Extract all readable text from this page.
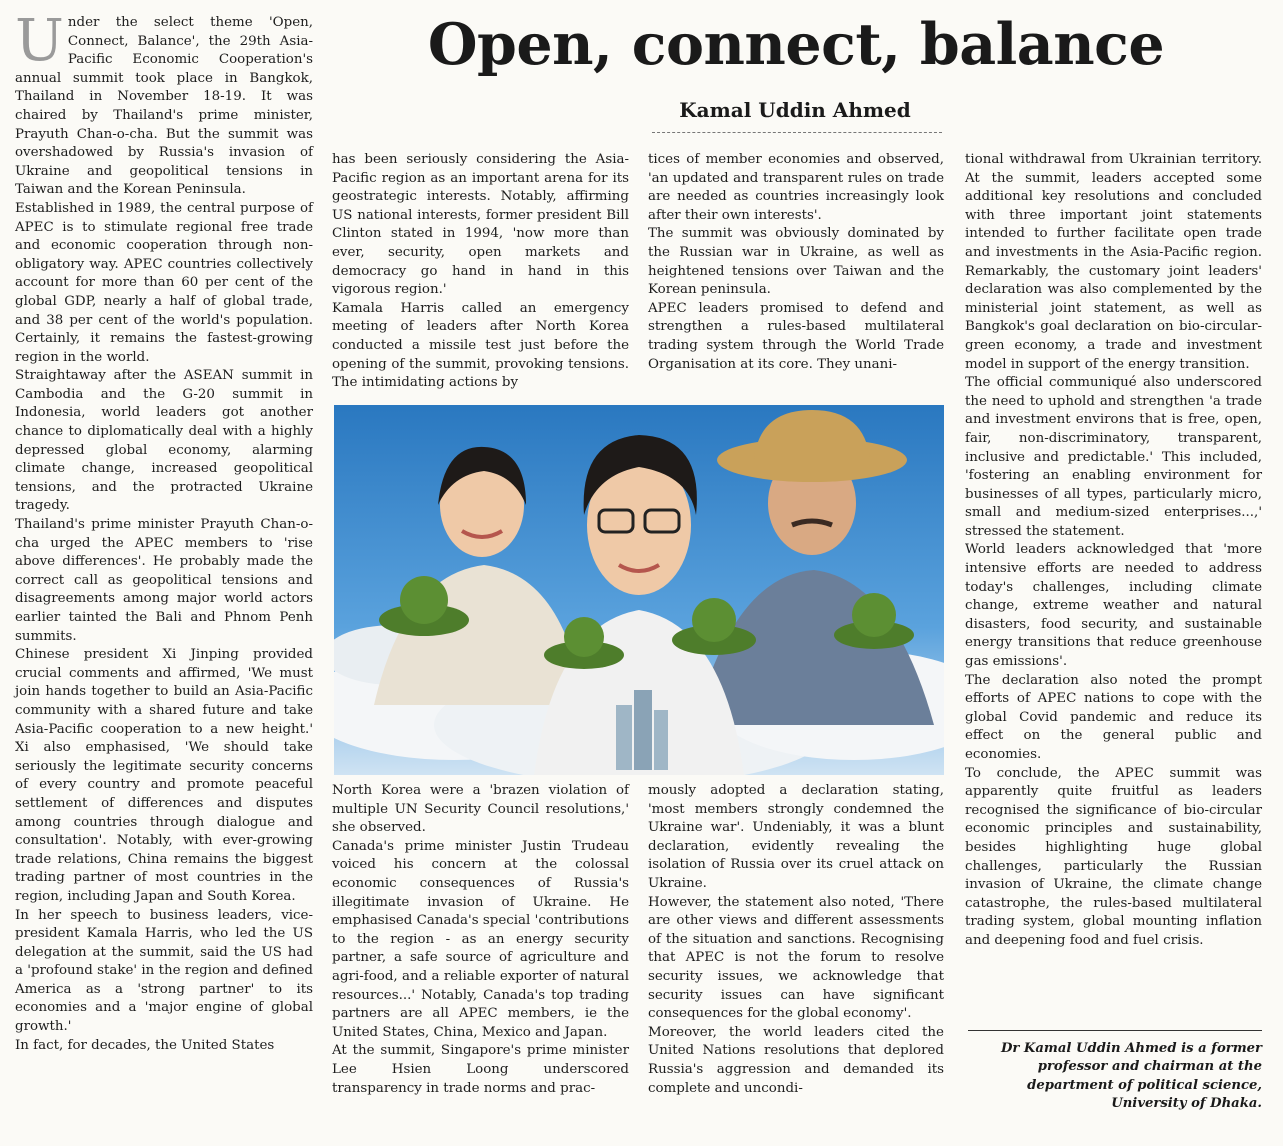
Open, connect, balance
Kamal Uddin Ahmed
U nder the select theme 'Open, Connect, Balance', the 29th Asia-Pacific Economic Cooperation's annual summit took place in Bangkok, Thailand in November 18-19. It was chaired by Thailand's prime minister, Prayuth Chan-o-cha. But the summit was overshadowed by Russia's invasion of Ukraine and geopolitical tensions in Taiwan and the Korean Peninsula.

Established in 1989, the central purpose of APEC is to stimulate regional free trade and economic cooperation through non-obligatory way. APEC countries collectively account for more than 60 per cent of the global GDP, nearly a half of global trade, and 38 per cent of the world's population. Certainly, it remains the fastest-growing region in the world.

Straightaway after the ASEAN summit in Cambodia and the G-20 summit in Indonesia, world leaders got another chance to diplomatically deal with a highly depressed global economy, alarming climate change, increased geopolitical tensions, and the protracted Ukraine tragedy.

Thailand's prime minister Prayuth Chan-o-cha urged the APEC members to 'rise above differences'. He probably made the correct call as geopolitical tensions and disagreements among major world actors earlier tainted the Bali and Phnom Penh summits.

Chinese president Xi Jinping provided crucial comments and affirmed, 'We must join hands together to build an Asia-Pacific community with a shared future and take Asia-Pacific cooperation to a new height.' Xi also emphasised, 'We should take seriously the legitimate security concerns of every country and promote peaceful settlement of differences and disputes among countries through dialogue and consultation'. Notably, with ever-growing trade relations, China remains the biggest trading partner of most countries in the region, including Japan and South Korea.

In her speech to business leaders, vice-president Kamala Harris, who led the US delegation at the summit, said the US had a 'profound stake' in the region and defined America as a 'strong partner' to its economies and a 'major engine of global growth.'

In fact, for decades, the United States

has been seriously considering the Asia-Pacific region as an important arena for its geostrategic interests. Notably, affirming US national interests, former president Bill Clinton stated in 1994, 'now more than ever, security, open markets and democracy go hand in hand in this vigorous region.'

Kamala Harris called an emergency meeting of leaders after North Korea conducted a missile test just before the opening of the summit, provoking tensions. The intimidating actions by

tices of member economies and observed, 'an updated and transparent rules on trade are needed as countries increasingly look after their own interests'.

The summit was obviously dominated by the Russian war in Ukraine, as well as heightened tensions over Taiwan and the Korean peninsula.

APEC leaders promised to defend and strengthen a rules-based multilateral trading system through the World Trade Organisation at its core. They unani-

North Korea were a 'brazen violation of multiple UN Security Council resolutions,' she observed.

Canada's prime minister Justin Trudeau voiced his concern at the colossal economic consequences of Russia's illegitimate invasion of Ukraine. He emphasised Canada's special 'contributions to the region - as an energy security partner, a safe source of agriculture and agri-food, and a reliable exporter of natural resources...' Notably, Canada's top trading partners are all APEC members, ie the United States, China, Mexico and Japan.

At the summit, Singapore's prime minister Lee Hsien Loong underscored transparency in trade norms and prac-

mously adopted a declaration stating, 'most members strongly condemned the Ukraine war'. Undeniably, it was a blunt declaration, evidently revealing the isolation of Russia over its cruel attack on Ukraine.

However, the statement also noted, 'There are other views and different assessments of the situation and sanctions. Recognising that APEC is not the forum to resolve security issues, we acknowledge that security issues can have significant consequences for the global economy'.

Moreover, the world leaders cited the United Nations resolutions that deplored Russia's aggression and demanded its complete and uncondi-

tional withdrawal from Ukrainian territory. At the summit, leaders accepted some additional key resolutions and concluded with three important joint statements intended to further facilitate open trade and investments in the Asia-Pacific region. Remarkably, the customary joint leaders' declaration was also complemented by the ministerial joint statement, as well as Bangkok's goal declaration on bio-circular-green economy, a trade and investment model in support of the energy transition.

The official communiqué also underscored the need to uphold and strengthen 'a trade and investment environs that is free, open, fair, non-discriminatory, transparent, inclusive and predictable.' This included, 'fostering an enabling environment for businesses of all types, particularly micro, small and medium-sized enterprises...,' stressed the statement.

World leaders acknowledged that 'more intensive efforts are needed to address today's challenges, including climate change, extreme weather and natural disasters, food security, and sustainable energy transitions that reduce greenhouse gas emissions'.

The declaration also noted the prompt efforts of APEC nations to cope with the global Covid pandemic and reduce its effect on the general public and economies.

To conclude, the APEC summit was apparently quite fruitful as leaders recognised the significance of bio-circular economic principles and sustainability, besides highlighting huge global challenges, particularly the Russian invasion of Ukraine, the climate change catastrophe, the rules-based multilateral trading system, global mounting inflation and deepening food and fuel crisis.

Dr Kamal Uddin Ahmed is a former professor and chairman at the department of political science, University of Dhaka.
